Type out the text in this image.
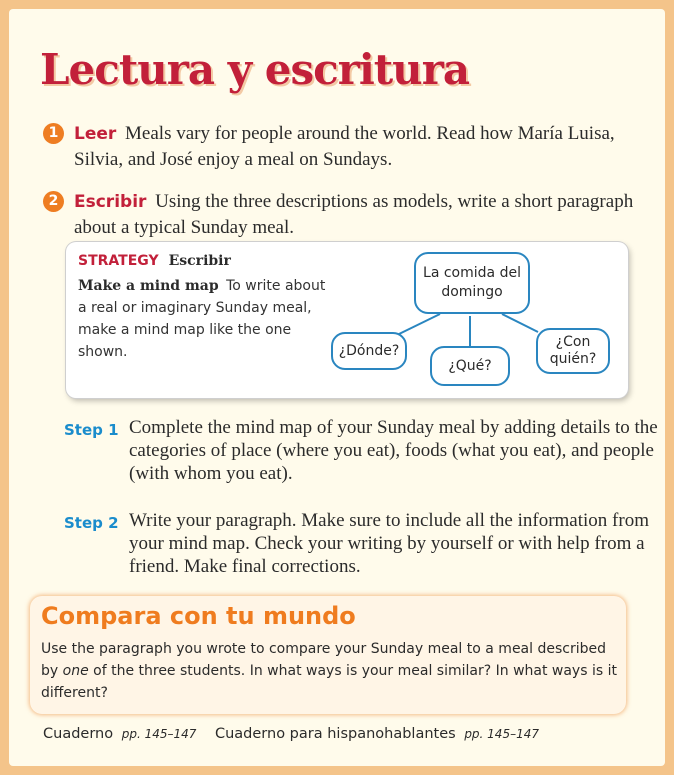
Lectura y escritura
1 Leer Meals vary for people around the world. Read how María Luisa, Silvia, and José enjoy a meal on Sundays.
2 Escribir Using the three descriptions as models, write a short paragraph about a typical Sunday meal.
STRATEGY Escribir
Make a mind map To write about a real or imaginary Sunday meal, make a mind map like the one shown.
La comida del domingo
¿Dónde?
¿Qué?
¿Con quién?
Step 1 Complete the mind map of your Sunday meal by adding details to the categories of place (where you eat), foods (what you eat), and people (with whom you eat).
Step 2 Write your paragraph. Make sure to include all the information from your mind map. Check your writing by yourself or with help from a friend. Make final corrections.
Compara con tu mundo
Use the paragraph you wrote to compare your Sunday meal to a meal described by one of the three students. In what ways is your meal similar? In what ways is it different?
Cuaderno pp. 145–147 Cuaderno para hispanohablantes pp. 145–147
